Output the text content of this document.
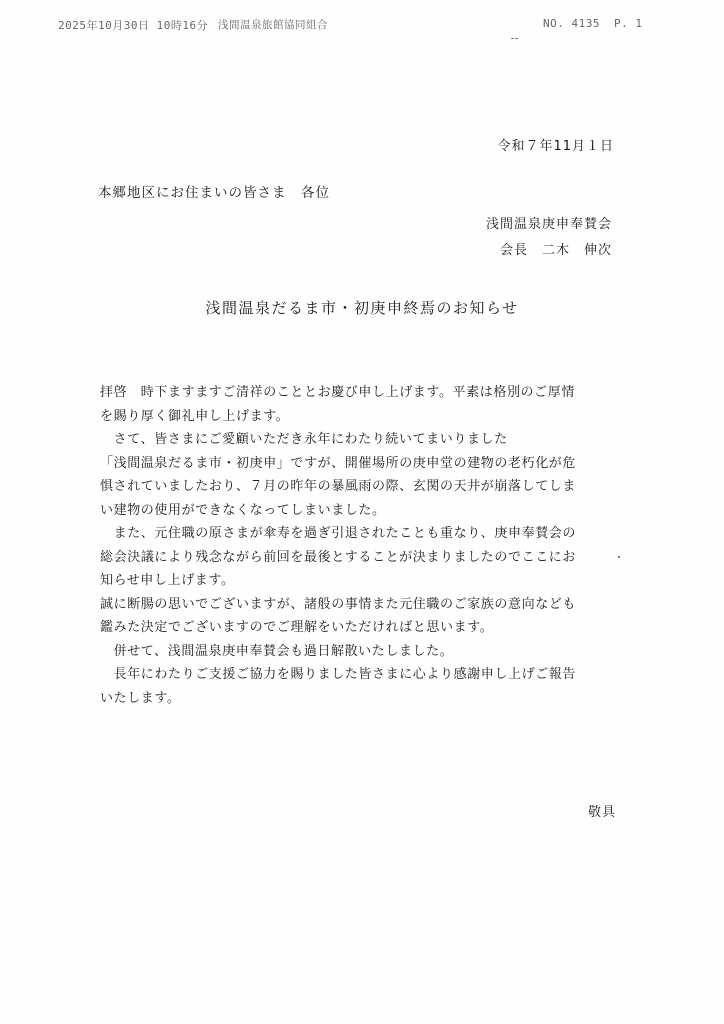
2025年10月30日 10時16分 浅間温泉旅館協同組合	NO. 4135 P. 1
令和７年11月１日
本郷地区にお住まいの皆さま　各位
浅間温泉庚申奉賛会
会長　二木　伸次
浅間温泉だるま市・初庚申終焉のお知らせ
拝啓　時下ますますご清祥のこととお慶び申し上げます。平素は格別のご厚情
を賜り厚く御礼申し上げます。
　さて、皆さまにご愛顧いただき永年にわたり続いてまいりました
「浅間温泉だるま市・初庚申」ですが、開催場所の庚申堂の建物の老朽化が危
惧されていましたおり、７月の昨年の暴風雨の際、玄関の天井が崩落してしま
い建物の使用ができなくなってしまいました。
　また、元住職の原さまが傘寿を過ぎ引退されたことも重なり、庚申奉賛会の
総会決議により残念ながら前回を最後とすることが決まりましたのでここにお
知らせ申し上げます。
誠に断腸の思いでございますが、諸般の事情また元住職のご家族の意向なども
鑑みた決定でございますのでご理解をいただければと思います。
　併せて、浅間温泉庚申奉賛会も過日解散いたしました。
　長年にわたりご支援ご協力を賜りました皆さまに心より感謝申し上げご報告
いたします。
敬具
